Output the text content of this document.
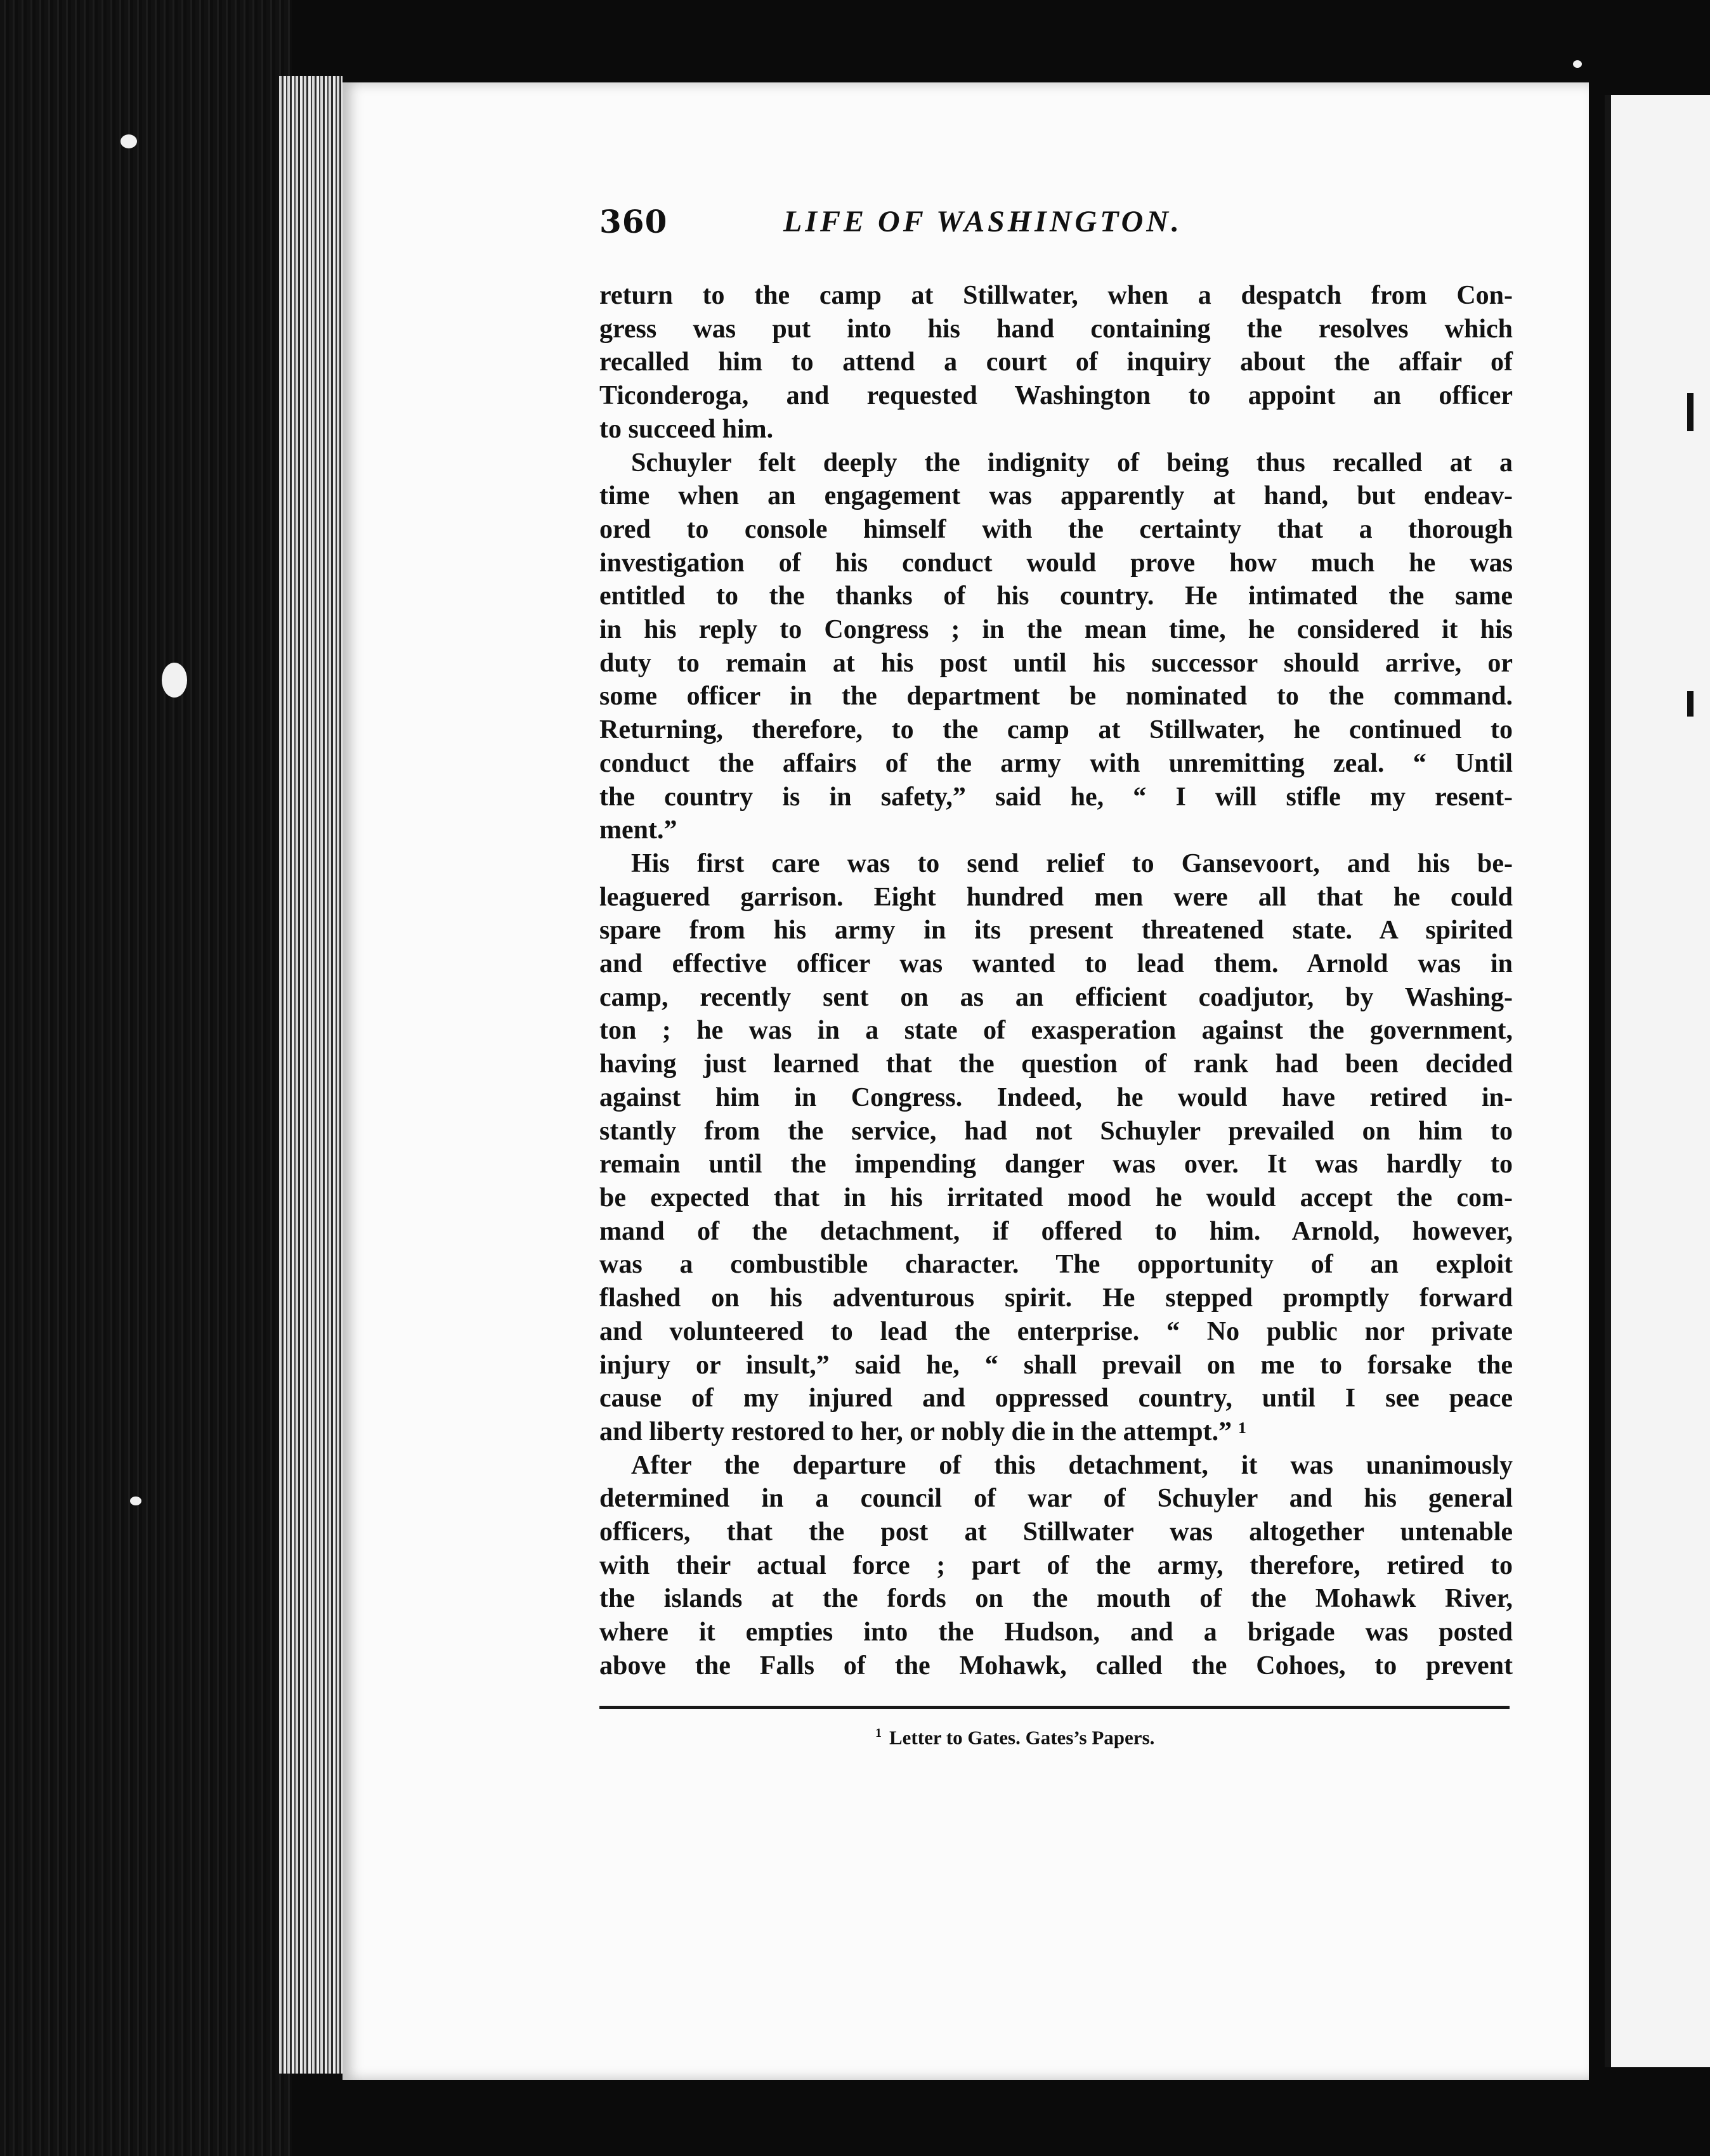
360	LIFE OF WASHINGTON.

return to the camp at Stillwater, when a despatch from Con-
gress was put into his hand containing the resolves which
recalled him to attend a court of inquiry about the affair of
Ticonderoga, and requested Washington to appoint an officer
to succeed him.

Schuyler felt deeply the indignity of being thus recalled at a
time when an engagement was apparently at hand, but endeav-
ored to console himself with the certainty that a thorough
investigation of his conduct would prove how much he was
entitled to the thanks of his country. He intimated the same
in his reply to Congress ; in the mean time, he considered it his
duty to remain at his post until his successor should arrive, or
some officer in the department be nominated to the command.
Returning, therefore, to the camp at Stillwater, he continued to
conduct the affairs of the army with unremitting zeal. “ Until
the country is in safety,” said he, “ I will stifle my resent-
ment.”

His first care was to send relief to Gansevoort, and his be-
leaguered garrison. Eight hundred men were all that he could
spare from his army in its present threatened state. A spirited
and effective officer was wanted to lead them. Arnold was in
camp, recently sent on as an efficient coadjutor, by Washing-
ton ; he was in a state of exasperation against the government,
having just learned that the question of rank had been decided
against him in Congress. Indeed, he would have retired in-
stantly from the service, had not Schuyler prevailed on him to
remain until the impending danger was over. It was hardly to
be expected that in his irritated mood he would accept the com-
mand of the detachment, if offered to him. Arnold, however,
was a combustible character. The opportunity of an exploit
flashed on his adventurous spirit. He stepped promptly forward
and volunteered to lead the enterprise. “ No public nor private
injury or insult,” said he, “ shall prevail on me to forsake the
cause of my injured and oppressed country, until I see peace
and liberty restored to her, or nobly die in the attempt.” ¹

After the departure of this detachment, it was unanimously
determined in a council of war of Schuyler and his general
officers, that the post at Stillwater was altogether untenable
with their actual force ; part of the army, therefore, retired to
the islands at the fords on the mouth of the Mohawk River,
where it empties into the Hudson, and a brigade was posted
above the Falls of the Mohawk, called the Cohoes, to prevent

$^1$ Letter to Gates. Gates’s Papers.
